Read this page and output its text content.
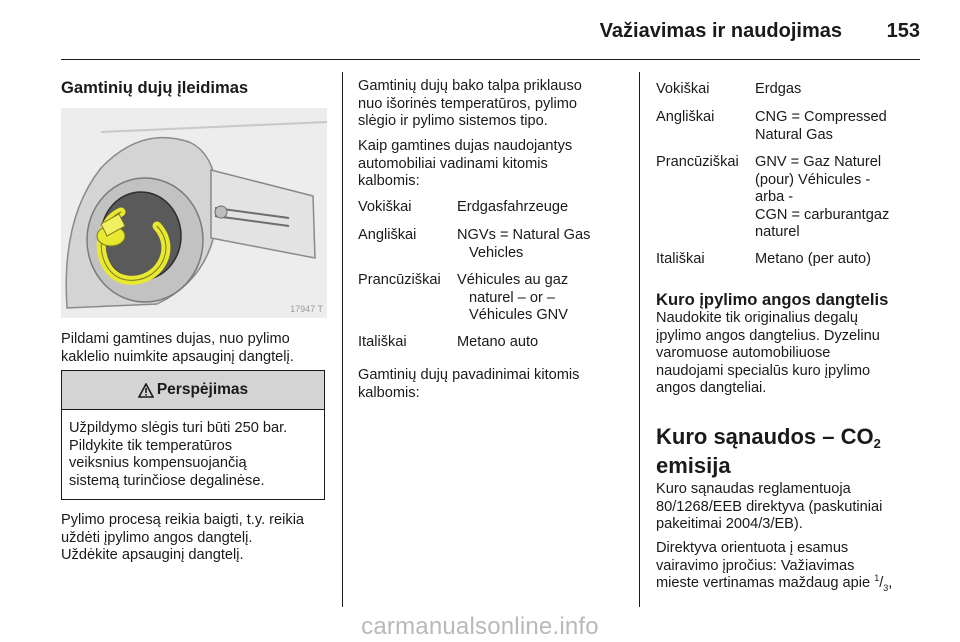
Važiavimas ir naudojimas 153
Gamtinių dujų įleidimas
17947 T

Pildami gamtines dujas, nuo pylimo
kaklelio nuimkite apsauginį dangtelį.

Perspėjimas
Užpildymo slėgis turi būti 250 bar.
Pildykite tik temperatūros
veiksnius kompensuojančią
sistemą turinčiose degalinėse.

Pylimo procesą reikia baigti, t.y. reikia
uždėti įpylimo angos dangtelį.
Uždėkite apsauginį dangtelį.

Gamtinių dujų bako talpa priklauso
nuo išorinės temperatūros, pylimo
slėgio ir pylimo sistemos tipo.

Kaip gamtines dujas naudojantys
automobiliai vadinami kitomis
kalbomis:

Vokiškai	Erdgasfahrzeuge
Angliškai	NGVs = Natural Gas
Vehicles
Prancūziškai	Véhicules au gaz
naturel – or –
Véhicules GNV
Itališkai	Metano auto

Gamtinių dujų pavadinimai kitomis
kalbomis:

Vokiškai	Erdgas
Angliškai	CNG = Compressed
Natural Gas
Prancūziškai	GNV = Gaz Naturel
(pour) Véhicules -
arba -
CGN = carburantgaz
naturel
Itališkai	Metano (per auto)
Kuro įpylimo angos dangtelis

Naudokite tik originalius degalų
įpylimo angos dangtelius. Dyzelinu
varomuose automobiliuose
naudojami specialūs kuro įpylimo
angos dangteliai.

Kuro sąnaudos – $CO_2$
emisija

Kuro sąnaudas reglamentuoja
80/1268/EEB direktyva (paskutiniai
pakeitimai 2004/3/EB).

Direktyva orientuota į esamus
vairavimo įpročius: Važiavimas
mieste vertinamas maždaug apie $^1/_3$,

carmanualsonline.info
